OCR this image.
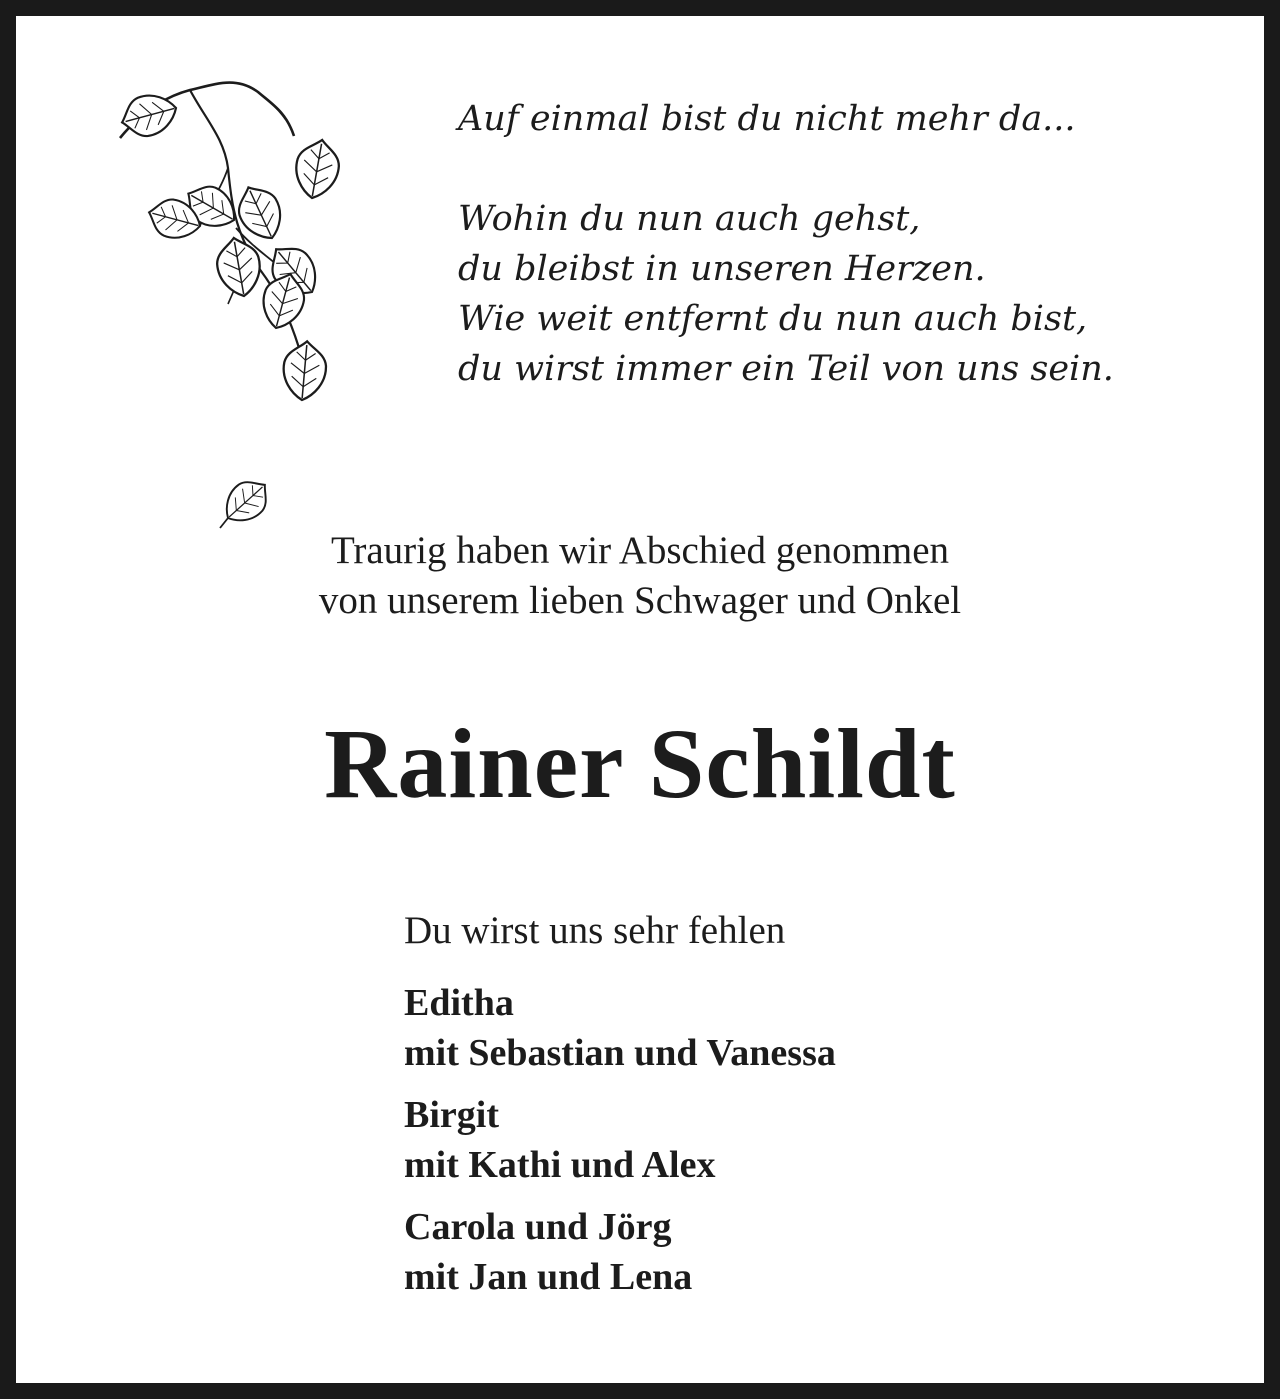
Auf einmal bist du nicht mehr da...
Wohin du nun auch gehst,
du bleibst in unseren Herzen.
Wie weit entfernt du nun auch bist,
du wirst immer ein Teil von uns sein.
Traurig haben wir Abschied genommen
von unserem lieben Schwager und Onkel
Rainer Schildt
Du wirst uns sehr fehlen
Editha
mit Sebastian und Vanessa
Birgit
mit Kathi und Alex
Carola und Jörg
mit Jan und Lena
